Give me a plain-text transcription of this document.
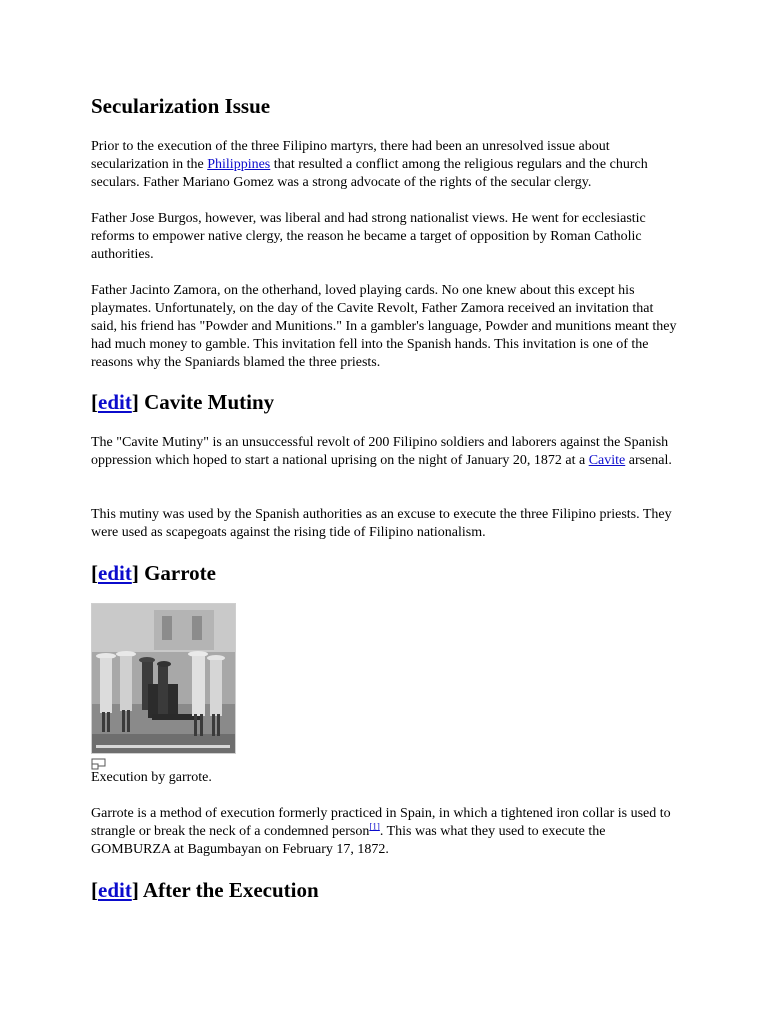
Secularization Issue

Prior to the execution of the three Filipino martyrs, there had been an unresolved issue about secularization in the Philippines that resulted a conflict among the religious regulars and the church seculars. Father Mariano Gomez was a strong advocate of the rights of the secular clergy.

Father Jose Burgos, however, was liberal and had strong nationalist views. He went for ecclesiastic reforms to empower native clergy, the reason he became a target of opposition by Roman Catholic authorities.

Father Jacinto Zamora, on the otherhand, loved playing cards. No one knew about this except his playmates. Unfortunately, on the day of the Cavite Revolt, Father Zamora received an invitation that said, his friend has "Powder and Munitions." In a gambler's language, Powder and munitions meant they had much money to gamble. This invitation fell into the Spanish hands. This invitation is one of the reasons why the Spaniards blamed the three priests.

[edit] Cavite Mutiny

The "Cavite Mutiny" is an unsuccessful revolt of 200 Filipino soldiers and laborers against the Spanish oppression which hoped to start a national uprising on the night of January 20, 1872 at a Cavite arsenal.

This mutiny was used by the Spanish authorities as an excuse to execute the three Filipino priests. They were used as scapegoats against the rising tide of Filipino nationalism.

[edit] Garrote
Execution by garrote.

Garrote is a method of execution formerly practiced in Spain, in which a tightened iron collar is used to strangle or break the neck of a condemned person[1]. This was what they used to execute the GOMBURZA at Bagumbayan on February 17, 1872.

[edit] After the Execution
